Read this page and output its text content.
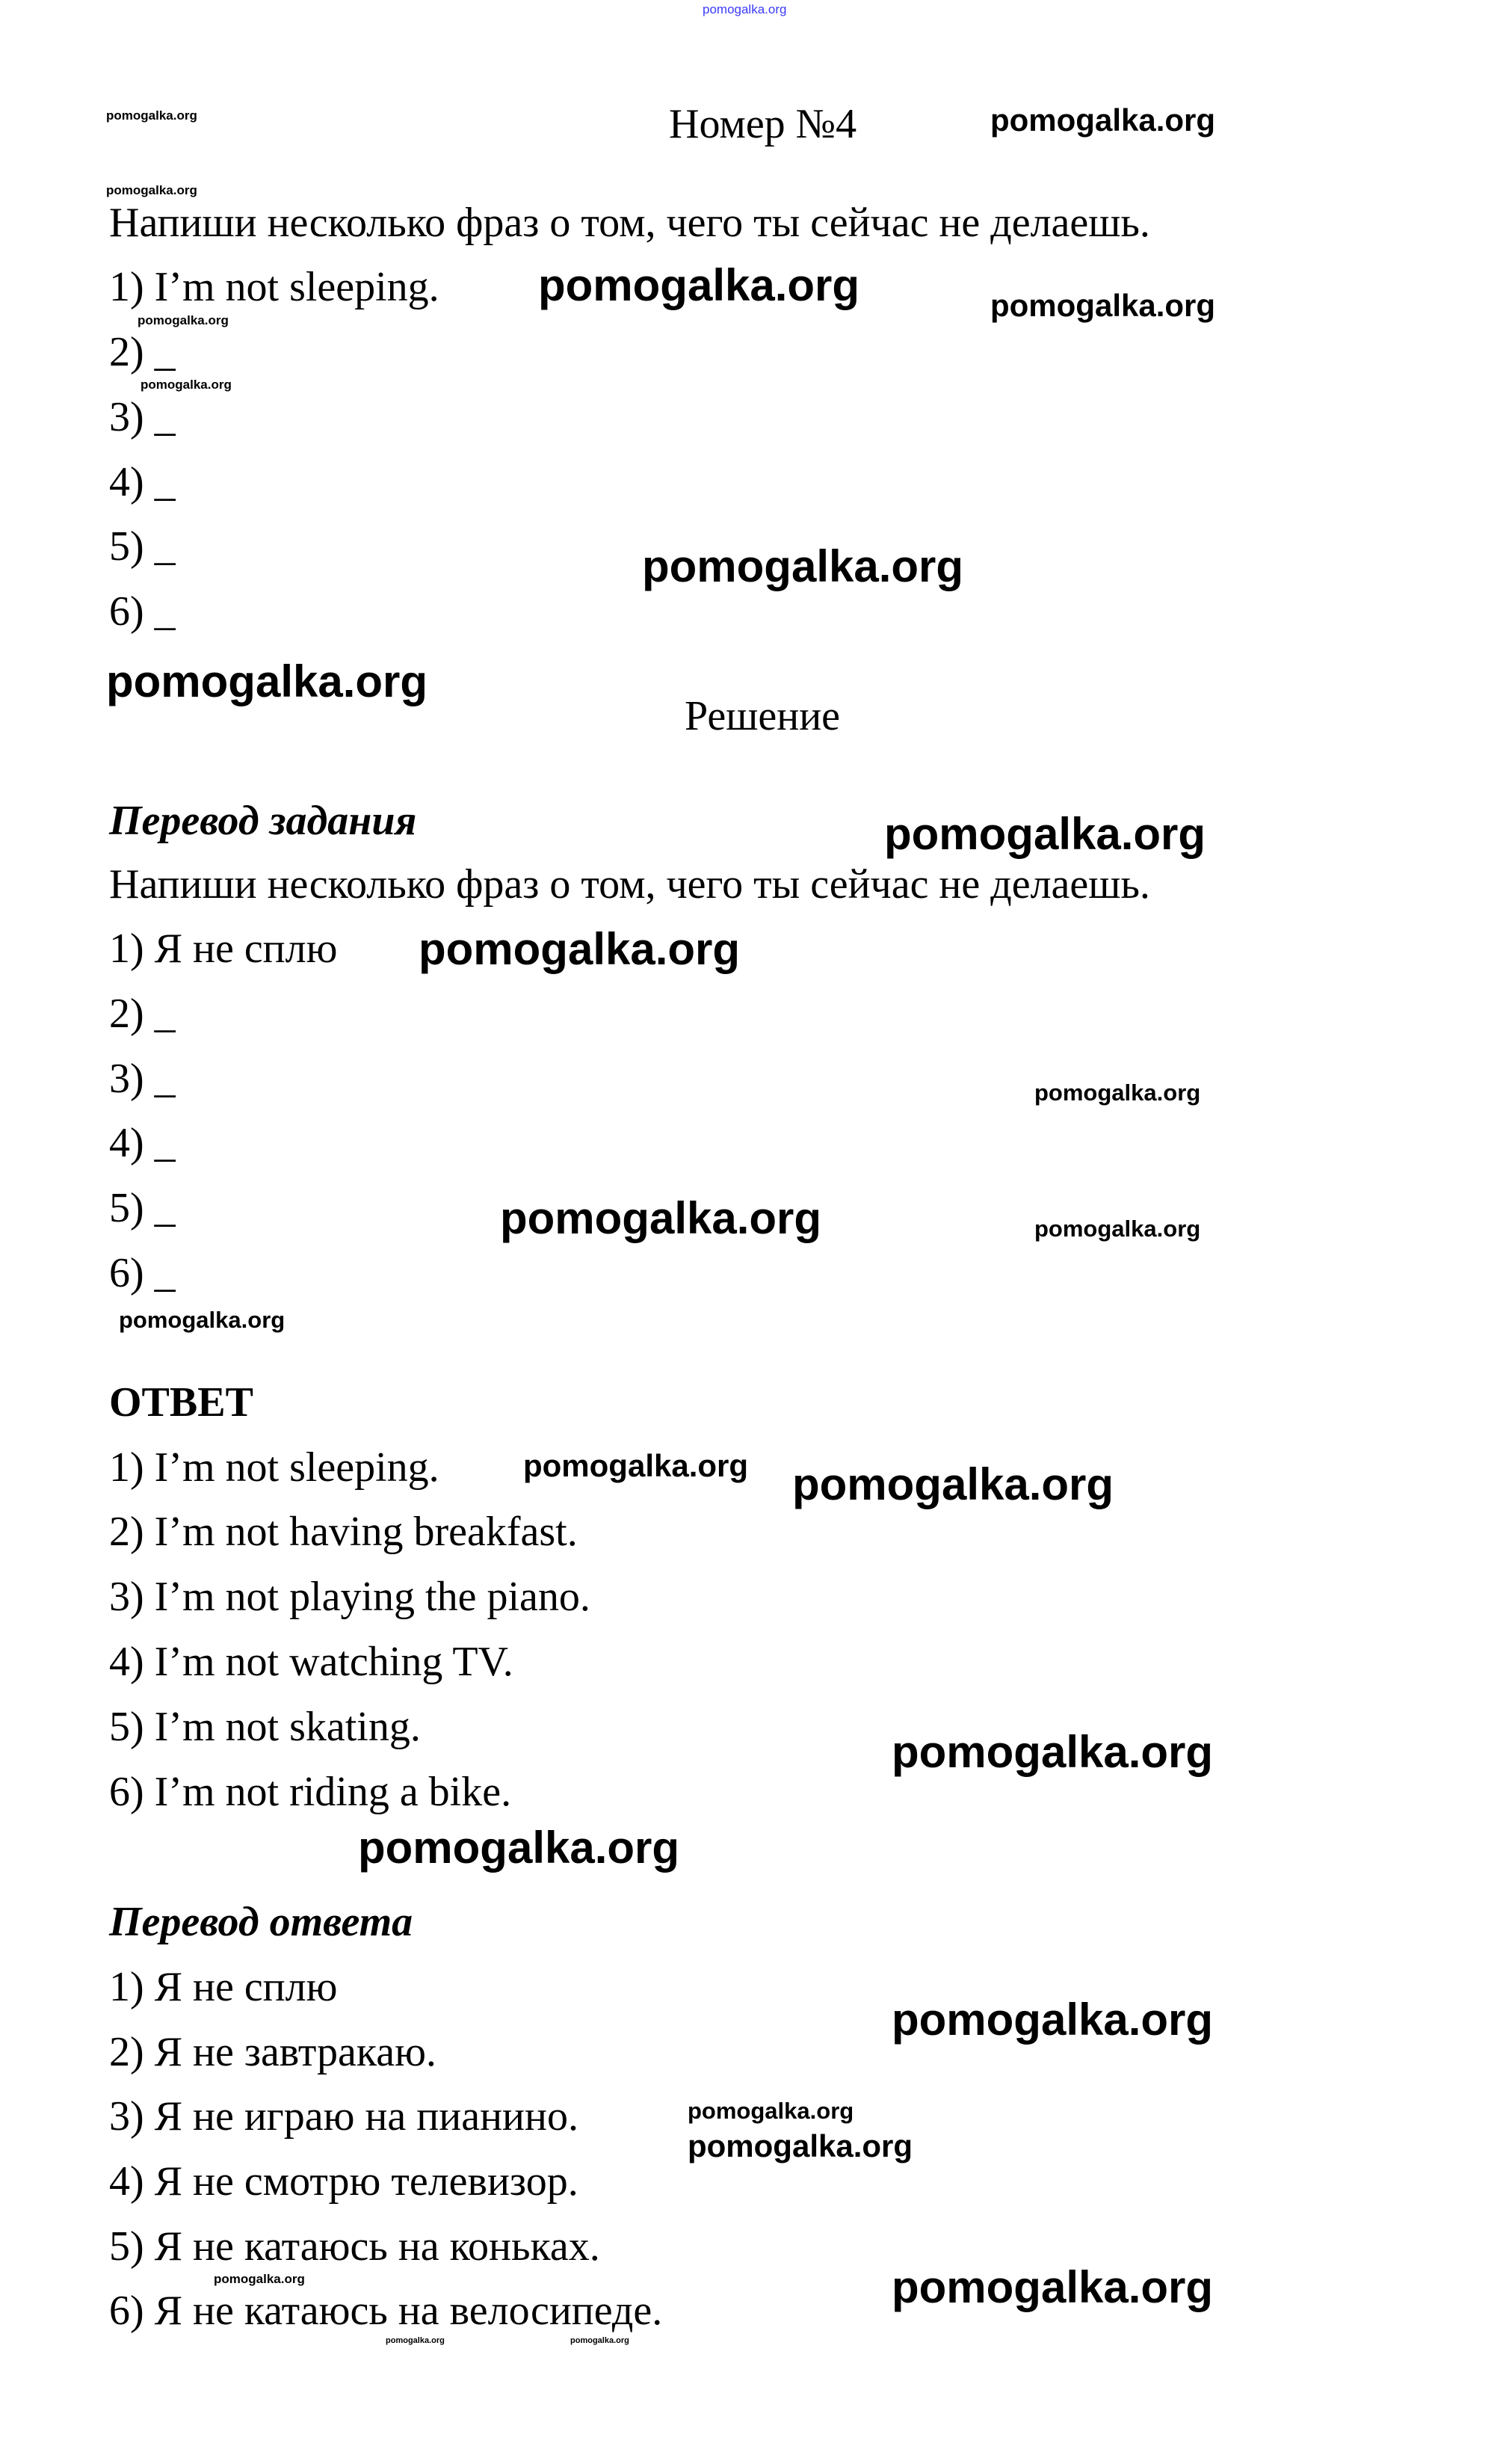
pomogalka.org
pomogalka.org	pomogalka.org
pomogalka.org
pomogalka.org	pomogalka.org
pomogalka.org
pomogalka.org
pomogalka.org
pomogalka.org
pomogalka.org
pomogalka.org
pomogalka.org
pomogalka.org	pomogalka.org
pomogalka.org
pomogalka.org pomogalka.org
pomogalka.org
pomogalka.org
pomogalka.org
pomogalka.org
pomogalka.org
pomogalka.org	pomogalka.org
pomogalka.org	pomogalka.org
Номер №4
Напиши несколько фраз о том, чего ты сейчас не делаешь.
1) I’m not sleeping.
2) _
3) _
4) _
5) _
6) _
Решение
Перевод задания
Напиши несколько фраз о том, чего ты сейчас не делаешь.
1) Я не сплю
2) _
3) _
4) _
5) _
6) _
ОТВЕТ
1) I’m not sleeping.
2) I’m not having breakfast.
3) I’m not playing the piano.
4) I’m not watching TV.
5) I’m not skating.
6) I’m not riding a bike.
Перевод ответа
1) Я не сплю
2) Я не завтракаю.
3) Я не играю на пианино.
4) Я не смотрю телевизор.
5) Я не катаюсь на коньках.
6) Я не катаюсь на велосипеде.
